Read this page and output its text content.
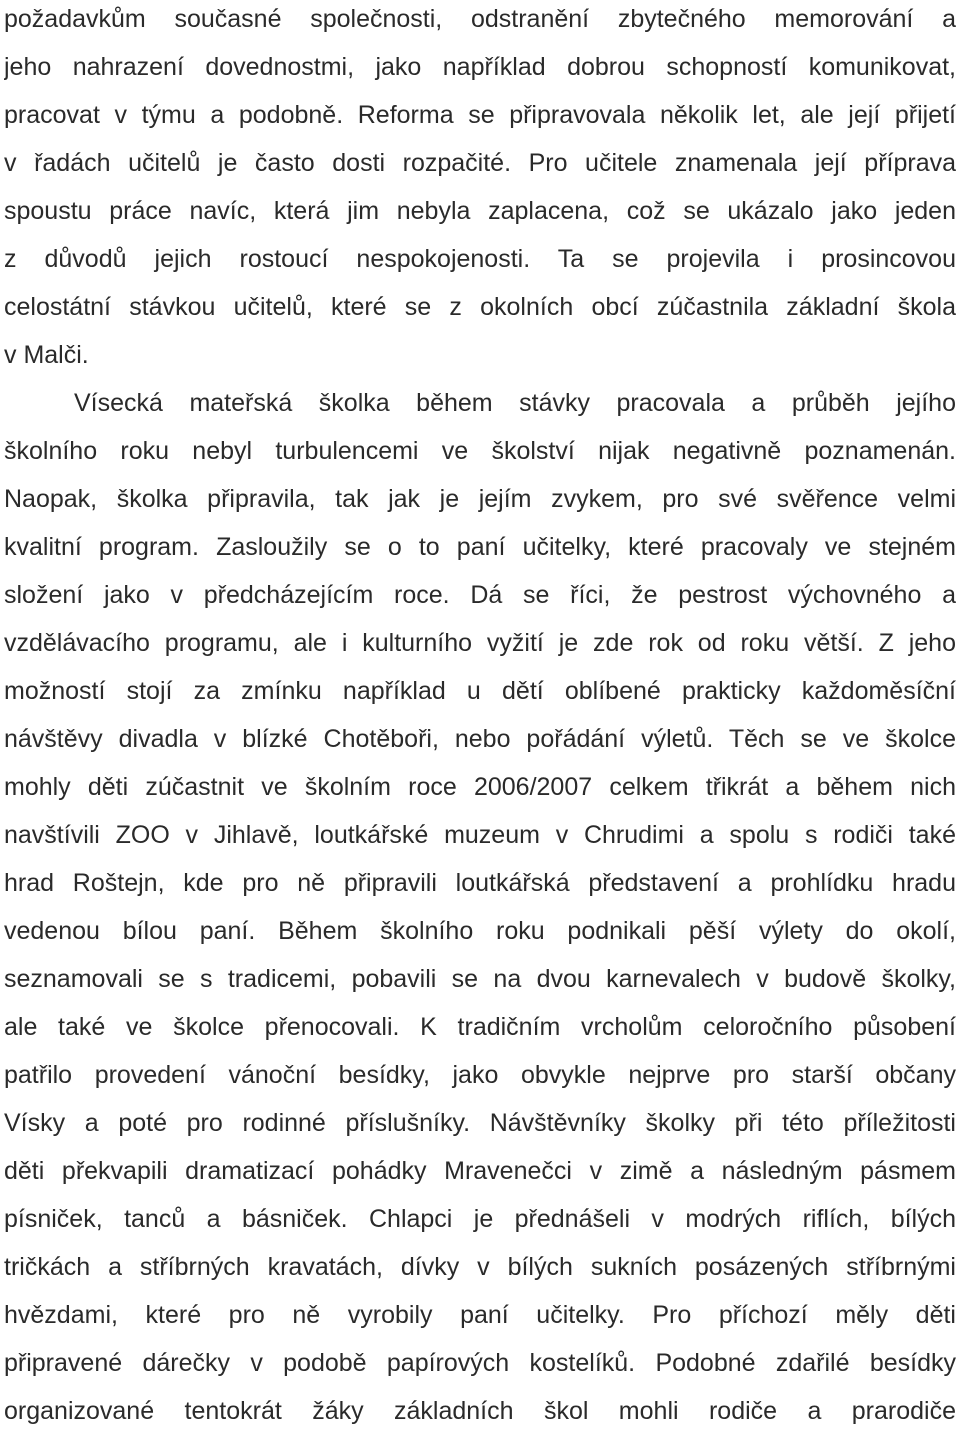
požadavkům současné společnosti, odstranění zbytečného memorování a
jeho nahrazení dovednostmi, jako například dobrou schopností komunikovat,
pracovat v týmu a podobně. Reforma se připravovala několik let, ale její přijetí
v řadách učitelů je často dosti rozpačité. Pro učitele znamenala její příprava
spoustu práce navíc, která jim nebyla zaplacena, což se ukázalo jako jeden
z důvodů jejich rostoucí nespokojenosti. Ta se projevila i prosincovou
celostátní stávkou učitelů, které se z okolních obcí zúčastnila základní škola
v Malči.
Vísecká mateřská školka během stávky pracovala a průběh jejího
školního roku nebyl turbulencemi ve školství nijak negativně poznamenán.
Naopak, školka připravila, tak jak je jejím zvykem, pro své svěřence velmi
kvalitní program. Zasloužily se o to paní učitelky, které pracovaly ve stejném
složení jako v předcházejícím roce. Dá se říci, že pestrost výchovného a
vzdělávacího programu, ale i kulturního vyžití je zde rok od roku větší. Z jeho
možností stojí za zmínku například u dětí oblíbené prakticky každoměsíční
návštěvy divadla v blízké Chotěboři, nebo pořádání výletů. Těch se ve školce
mohly děti zúčastnit ve školním roce 2006/2007 celkem třikrát a během nich
navštívili ZOO v Jihlavě, loutkářské muzeum v Chrudimi a spolu s rodiči také
hrad Roštejn, kde pro ně připravili loutkářská představení a prohlídku hradu
vedenou bílou paní. Během školního roku podnikali pěší výlety do okolí,
seznamovali se s tradicemi, pobavili se na dvou karnevalech v budově školky,
ale také ve školce přenocovali. K tradičním vrcholům celoročního působení
patřilo provedení vánoční besídky, jako obvykle nejprve pro starší občany
Vísky a poté pro rodinné příslušníky. Návštěvníky školky při této příležitosti
děti překvapili dramatizací pohádky Mravenečci v zimě a následným pásmem
písniček, tanců a básniček. Chlapci je přednášeli v modrých riflích, bílých
tričkách a stříbrných kravatách, dívky v bílých sukních posázených stříbrnými
hvězdami, které pro ně vyrobily paní učitelky. Pro příchozí měly děti
připravené dárečky v podobě papírových kostelíků. Podobné zdařilé besídky
organizované tentokrát žáky základních škol mohli rodiče a prarodiče
